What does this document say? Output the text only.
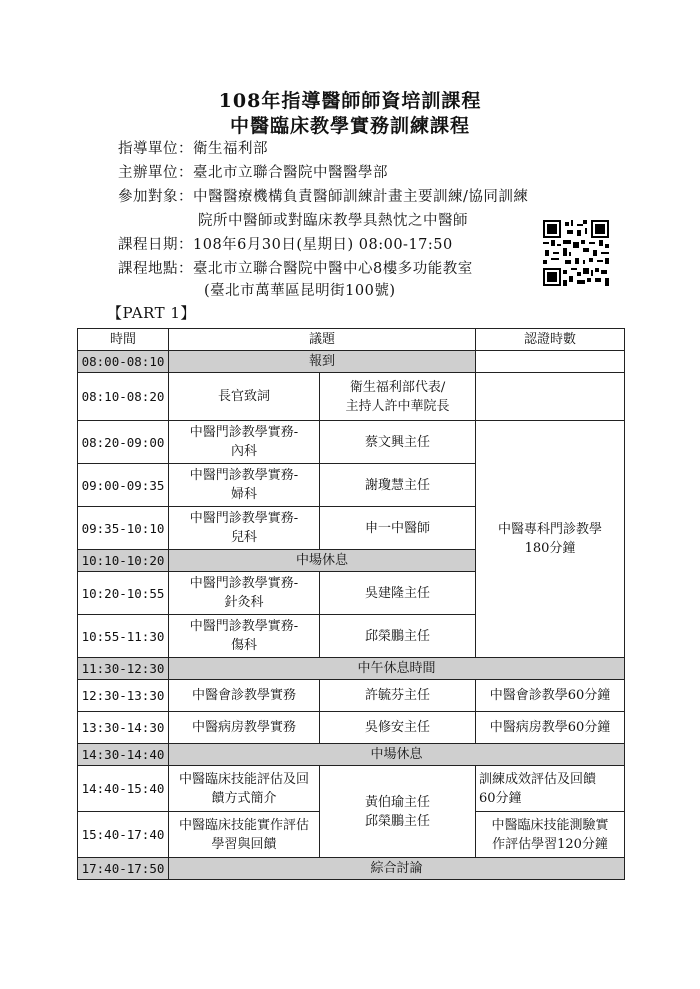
108年指導醫師師資培訓課程
中醫臨床教學實務訓練課程
指導單位：衛生福利部
主辦單位：臺北市立聯合醫院中醫醫學部
參加對象：中醫醫療機構負責醫師訓練計畫主要訓練/協同訓練
院所中醫師或對臨床教學具熱忱之中醫師
課程日期：108年6月30日(星期日) 08:00-17:50
課程地點：臺北市立聯合醫院中醫中心8樓多功能教室
(臺北市萬華區昆明街100號)
【PART 1】
時間	議題		認證時數
08:00-08:10	報到		
08:10-08:20	長官致詞	衛生福利部代表/
主持人許中華院長	
08:20-09:00	中醫門診教學實務-
內科	蔡文興主任	中醫專科門診教學
180分鐘
09:00-09:35	中醫門診教學實務-
婦科	謝瓊慧主任	
09:35-10:10	中醫門診教學實務-
兒科	申一中醫師	
10:10-10:20	中場休息		
10:20-10:55	中醫門診教學實務-
針灸科	吳建隆主任	
10:55-11:30	中醫門診教學實務-
傷科	邱榮鵬主任	
11:30-12:30	中午休息時間		
12:30-13:30	中醫會診教學實務	許毓芬主任	中醫會診教學60分鐘
13:30-14:30	中醫病房教學實務	吳修安主任	中醫病房教學60分鐘
14:30-14:40	中場休息		
14:40-15:40	中醫臨床技能評估及回
饋方式簡介	黃伯瑜主任
邱榮鵬主任	訓練成效評估及回饋
60分鐘
15:40-17:40	中醫臨床技能實作評估
學習與回饋		中醫臨床技能測驗實
作評估學習120分鐘
17:40-17:50	綜合討論		
